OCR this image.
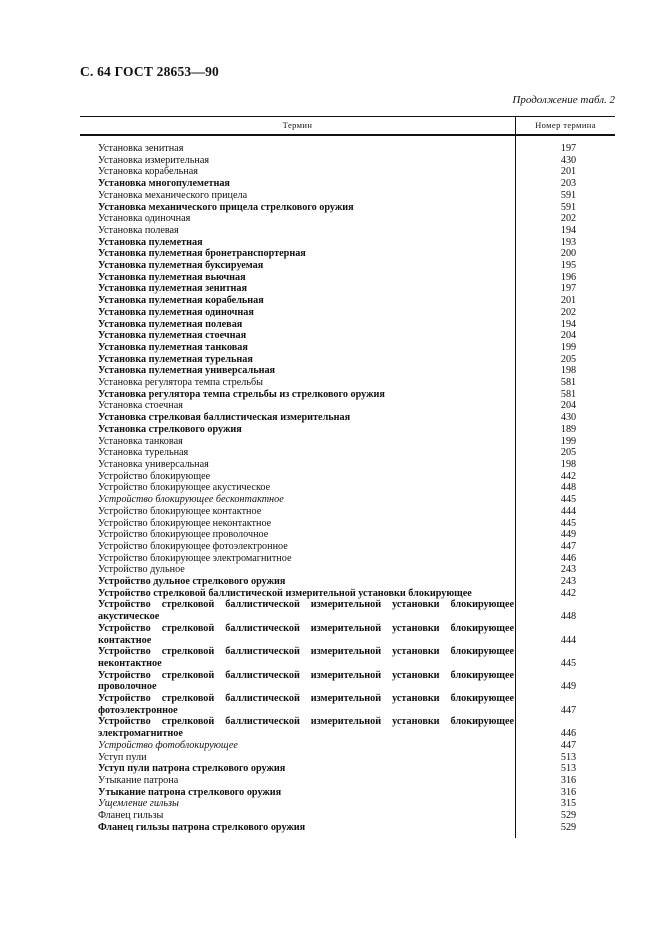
С. 64 ГОСТ 28653—90
Продолжение табл. 2
Термин	Номер термина
Установка зенитная	197
Установка измерительная	430
Установка корабельная	201
Установка многопулеметная	203
Установка механического прицела	591
Установка механического прицела стрелкового оружия	591
Установка одиночная	202
Установка полевая	194
Установка пулеметная	193
Установка пулеметная бронетранспортерная	200
Установка пулеметная буксируемая	195
Установка пулеметная вьючная	196
Установка пулеметная зенитная	197
Установка пулеметная корабельная	201
Установка пулеметная одиночная	202
Установка пулеметная полевая	194
Установка пулеметная стоечная	204
Установка пулеметная танковая	199
Установка пулеметная турельная	205
Установка пулеметная универсальная	198
Установка регулятора темпа стрельбы	581
Установка регулятора темпа стрельбы из стрелкового оружия	581
Установка стоечная	204
Установка стрелковая баллистическая измерительная	430
Установка стрелкового оружия	189
Установка танковая	199
Установка турельная	205
Установка универсальная	198
Устройство блокирующее	442
Устройство блокирующее акустическое	448
Устройство блокирующее бесконтактное	445
Устройство блокирующее контактное	444
Устройство блокирующее неконтактное	445
Устройство блокирующее проволочное	449
Устройство блокирующее фотоэлектронное	447
Устройство блокирующее электромагнитное	446
Устройство дульное	243
Устройство дульное стрелкового оружия	243
Устройство стрелковой баллистической измерительной установки блокирующее	442
Устройство стрелковой баллистической измерительной установки блокирующее акустическое	448
Устройство стрелковой баллистической измерительной установки блокирующее контактное	444
Устройство стрелковой баллистической измерительной установки блокирующее неконтактное	445
Устройство стрелковой баллистической измерительной установки блокирующее проволочное	449
Устройство стрелковой баллистической измерительной установки блокирующее фотоэлектронное	447
Устройство стрелковой баллистической измерительной установки блокирующее электромагнитное	446
Устройство фотоблокирующее	447
Уступ пули	513
Уступ пули патрона стрелкового оружия	513
Утыкание патрона	316
Утыкание патрона стрелкового оружия	316
Ущемление гильзы	315
Фланец гильзы	529
Фланец гильзы патрона стрелкового оружия	529
